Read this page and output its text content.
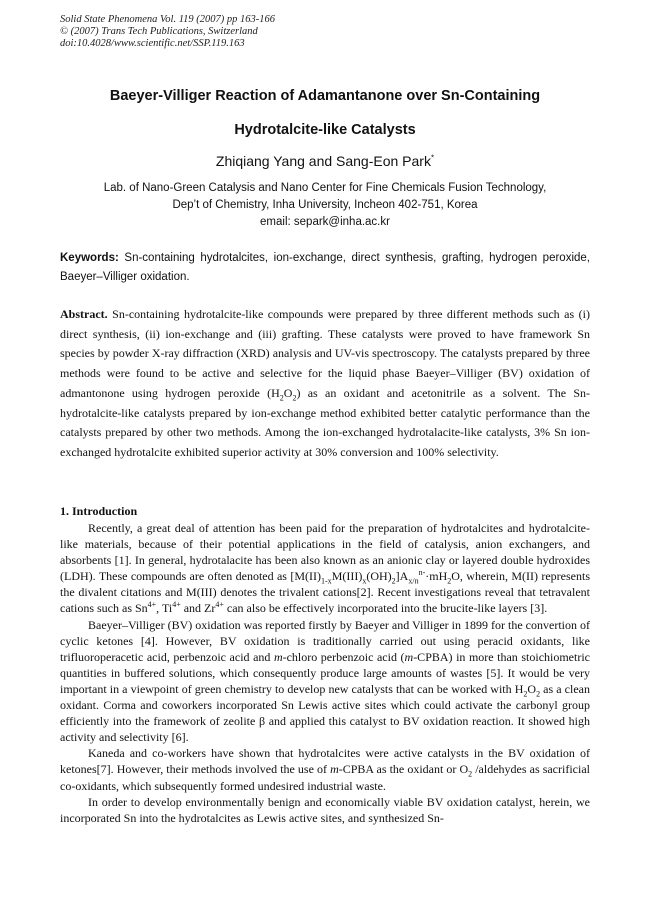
Solid State Phenomena Vol. 119 (2007) pp 163-166
© (2007) Trans Tech Publications, Switzerland
doi:10.4028/www.scientific.net/SSP.119.163
Baeyer-Villiger Reaction of Adamantanone over Sn-Containing
Hydrotalcite-like Catalysts
Zhiqiang Yang and Sang-Eon Park*
Lab. of Nano-Green Catalysis and Nano Center for Fine Chemicals Fusion Technology,
Dep’t of Chemistry, Inha University, Incheon 402-751, Korea
email: separk@inha.ac.kr
Keywords: Sn-containing hydrotalcites, ion-exchange, direct synthesis, grafting, hydrogen peroxide, Baeyer–Villiger oxidation.
Abstract. Sn-containing hydrotalcite-like compounds were prepared by three different methods such as (i) direct synthesis, (ii) ion-exchange and (iii) grafting. These catalysts were proved to have framework Sn species by powder X-ray diffraction (XRD) analysis and UV-vis spectroscopy. The catalysts prepared by three methods were found to be active and selective for the liquid phase Baeyer–Villiger (BV) oxidation of admantonone using hydrogen peroxide $(H_2O_2)$ as an oxidant and acetonitrile as a solvent. The Sn-hydrotalcite-like catalysts prepared by ion-exchange method exhibited better catalytic performance than the catalysts prepared by other two methods. Among the ion-exchanged hydrotalacite-like catalysts, 3% Sn ion-exchanged hydrotalcite exhibited superior activity at 30% conversion and 100% selectivity.
1. Introduction

Recently, a great deal of attention has been paid for the preparation of hydrotalcites and hydrotalcite-like materials, because of their potential applications in the field of catalysis, anion exchangers, and absorbents [1]. In general, hydrotalacite has been also known as an anionic clay or layered double hydroxides (LDH). These compounds are often denoted as $[M(II)_{1-x}M(III)_x(OH)_2]A_{x/n}^{n-}\cdot mH_2O$, wherein, M(II) represents the divalent citations and M(III) denotes the trivalent cations[2]. Recent investigations reveal that tetravalent cations such as $Sn^{4+}$, $Ti^{4+}$ and $Zr^{4+}$ can also be effectively incorporated into the brucite-like layers [3].

Baeyer–Villiger (BV) oxidation was reported firstly by Baeyer and Villiger in 1899 for the convertion of cyclic ketones [4]. However, BV oxidation is traditionally carried out using peracid oxidants, like trifluoroperacetic acid, perbenzoic acid and m-chloro perbenzoic acid (m-CPBA) in more than stoichiometric quantities in buffered solutions, which consequently produce large amounts of wastes [5]. It would be very important in a viewpoint of green chemistry to develop new catalysts that can be worked with $H_2O_2$ as a clean oxidant. Corma and coworkers incorporated Sn Lewis active sites which could activate the carbonyl group efficiently into the framework of zeolite β and applied this catalyst to BV oxidation reaction. It showed high activity and selectivity [6].

Kaneda and co-workers have shown that hydrotalcites were active catalysts in the BV oxidation of ketones[7]. However, their methods involved the use of m-CPBA as the oxidant or $O_2$ /aldehydes as sacrificial co-oxidants, which subsequently formed undesired industrial waste.

In order to develop environmentally benign and economically viable BV oxidation catalyst, herein, we incorporated Sn into the hydrotalcites as Lewis active sites, and synthesized Sn-
